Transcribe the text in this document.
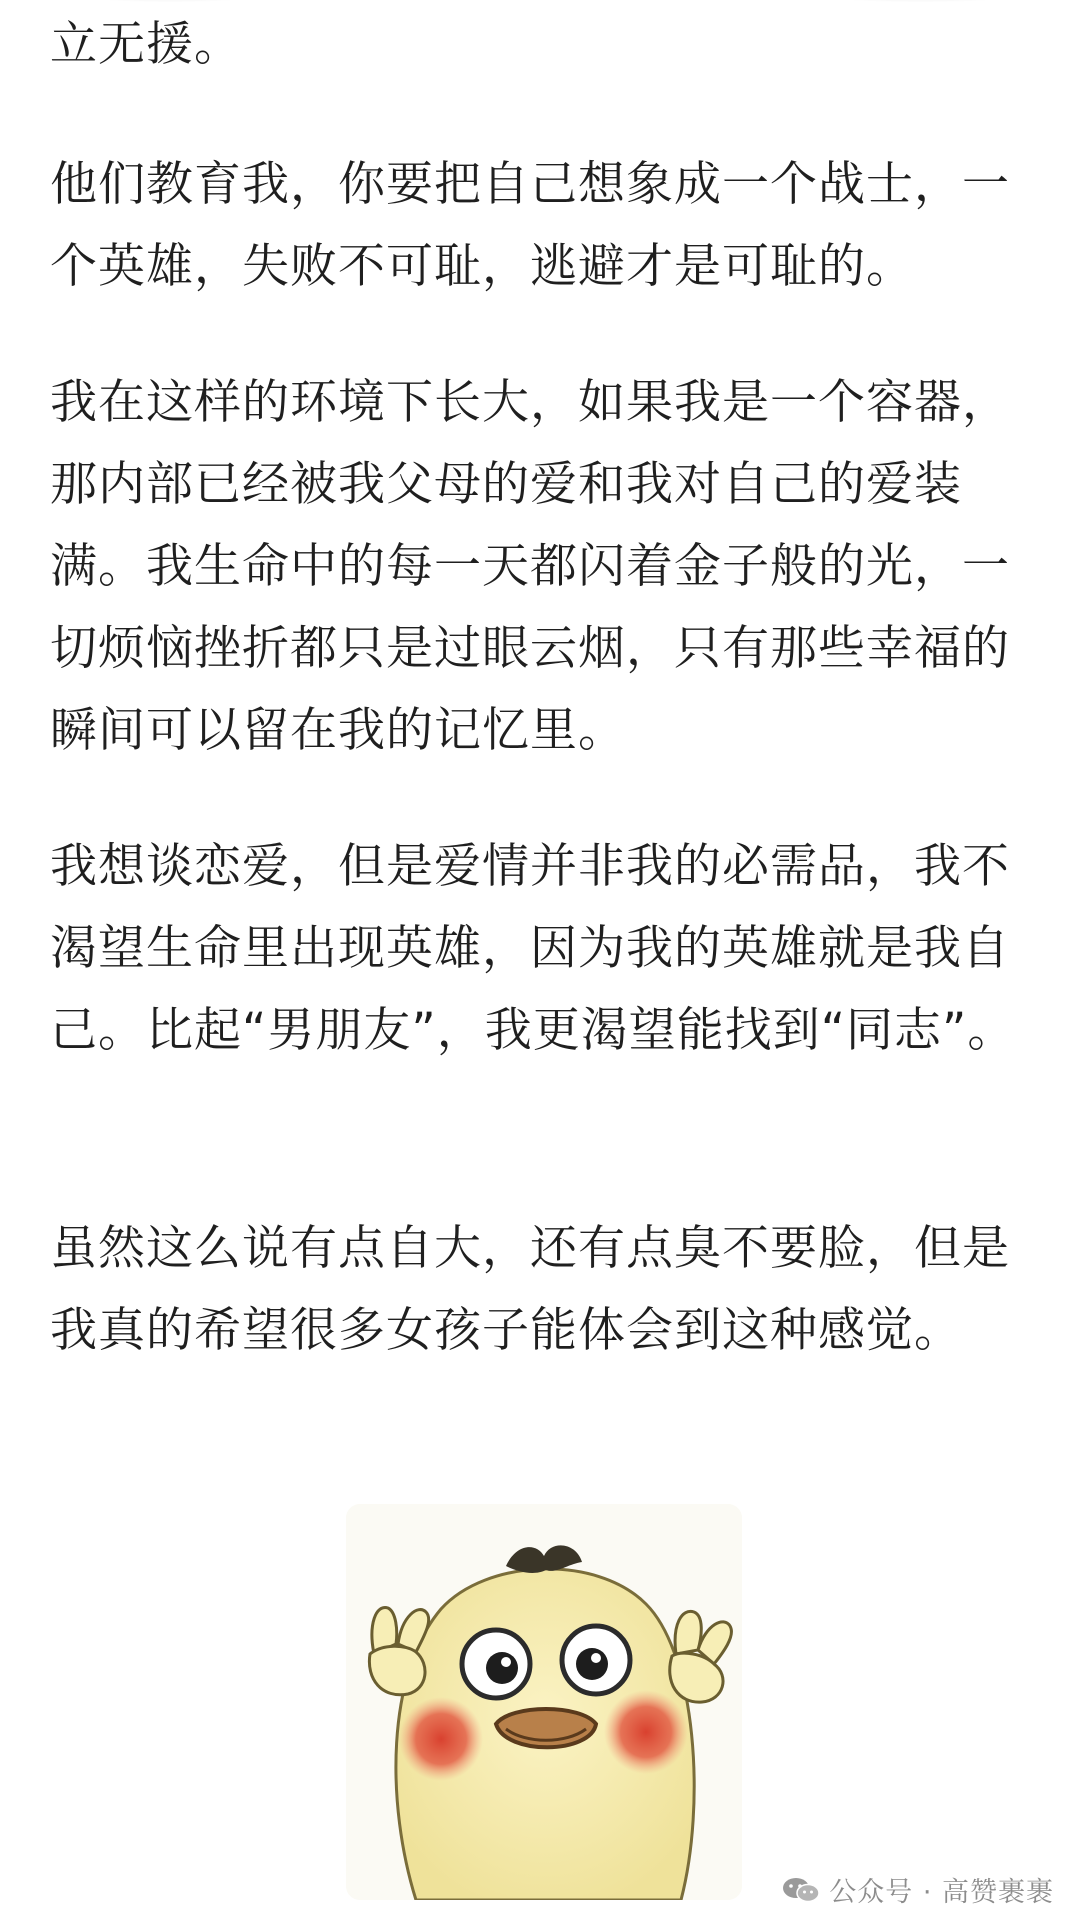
立无援。

他们教育我，你要把自己想象成一个战士，一个英雄，失败不可耻，逃避才是可耻的。

我在这样的环境下长大，如果我是一个容器，那内部已经被我父母的爱和我对自己的爱装满。我生命中的每一天都闪着金子般的光，一切烦恼挫折都只是过眼云烟，只有那些幸福的瞬间可以留在我的记忆里。

我想谈恋爱，但是爱情并非我的必需品，我不渴望生命里出现英雄，因为我的英雄就是我自己。比起“男朋友”，我更渴望能找到“同志”。

虽然这么说有点自大，还有点臭不要脸，但是我真的希望很多女孩子能体会到这种感觉。

公众号 · 高赞裹裹
